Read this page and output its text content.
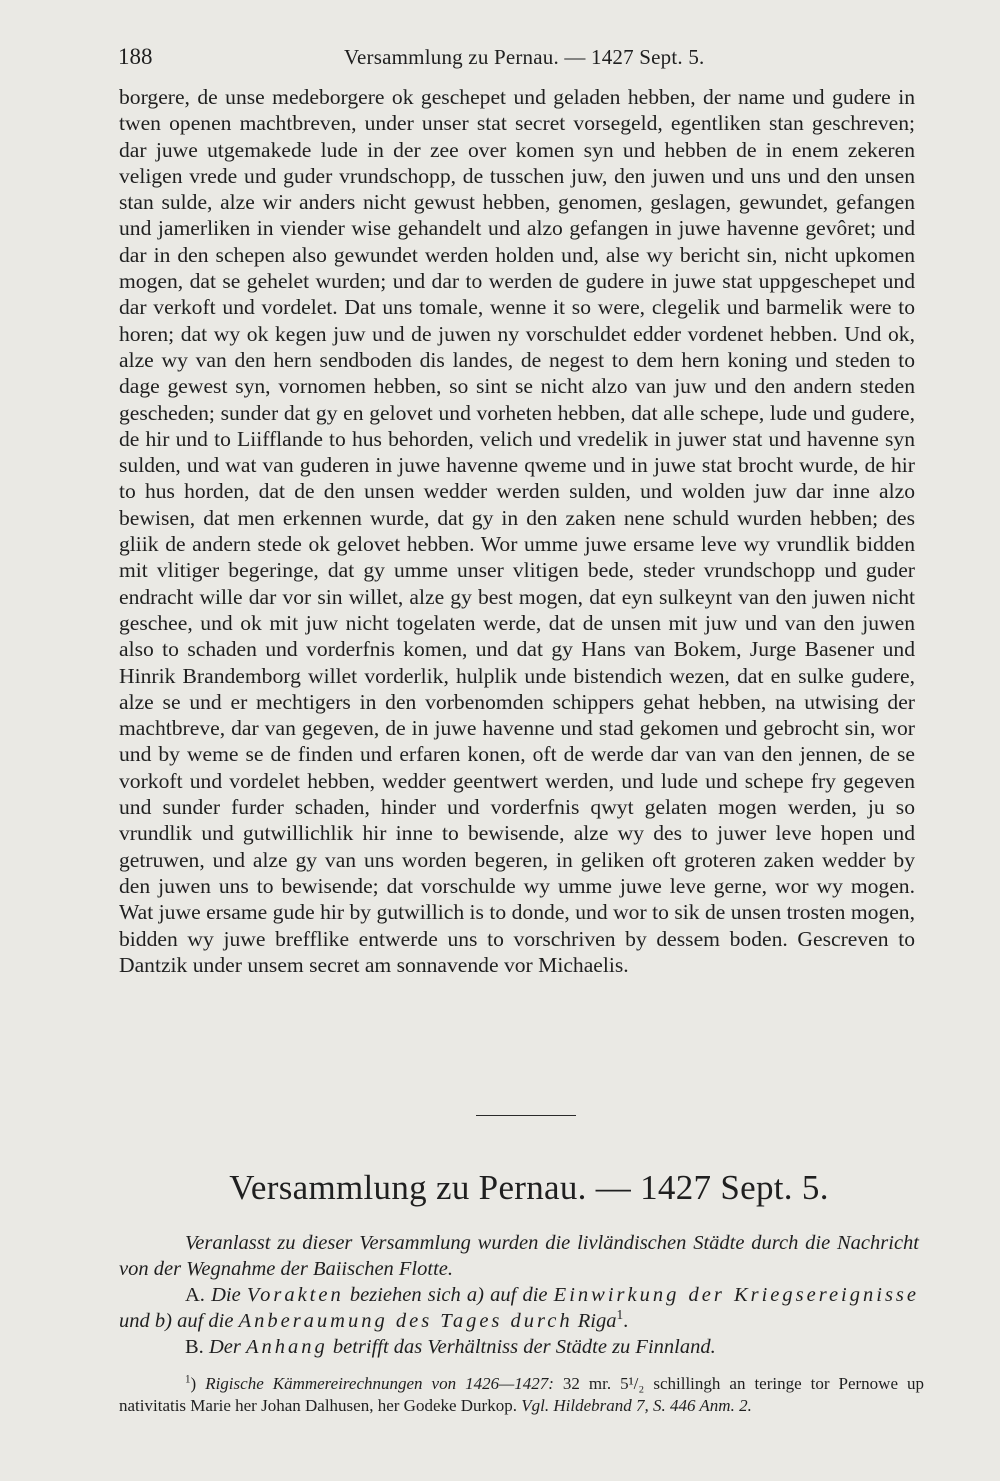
188	Versammlung zu Pernau. — 1427 Sept. 5.

borgere, de unse medeborgere ok geschepet und geladen hebben, der name und gudere in twen openen machtbreven, under unser stat secret vorsegeld, egentliken stan geschreven; dar juwe utgemakede lude in der zee over komen syn und hebben de in enem zekeren veligen vrede und guder vrundschopp, de tusschen juw, den juwen und uns und den unsen stan sulde, alze wir anders nicht gewust hebben, genomen, geslagen, gewundet, gefangen und jamerliken in viender wise gehandelt und alzo gefangen in juwe havenne gevôret; und dar in den schepen also gewundet werden holden und, alse wy bericht sin, nicht upkomen mogen, dat se gehelet wurden; und dar to werden de gudere in juwe stat uppgeschepet und dar verkoft und vordelet. Dat uns tomale, wenne it so were, clegelik und barmelik were to horen; dat wy ok kegen juw und de juwen ny vorschuldet edder vordenet hebben. Und ok, alze wy van den hern sendboden dis landes, de negest to dem hern koning und steden to dage gewest syn, vornomen hebben, so sint se nicht alzo van juw und den andern steden gescheden; sunder dat gy en gelovet und vorheten hebben, dat alle schepe, lude und gudere, de hir und to Liifflande to hus behorden, velich und vredelik in juwer stat und havenne syn sulden, und wat van guderen in juwe havenne qweme und in juwe stat brocht wurde, de hir to hus horden, dat de den unsen wedder werden sulden, und wolden juw dar inne alzo bewisen, dat men erkennen wurde, dat gy in den zaken nene schuld wurden hebben; des gliik de andern stede ok gelovet hebben. Wor umme juwe ersame leve wy vrundlik bidden mit vlitiger begeringe, dat gy umme unser vlitigen bede, steder vrundschopp und guder endracht wille dar vor sin willet, alze gy best mogen, dat eyn sulkeynt van den juwen nicht geschee, und ok mit juw nicht togelaten werde, dat de unsen mit juw und van den juwen also to schaden und vorderfnis komen, und dat gy Hans van Bokem, Jurge Basener und Hinrik Brandemborg willet vorderlik, hulplik unde bistendich wezen, dat en sulke gudere, alze se und er mechtigers in den vorbenomden schippers gehat hebben, na utwising der machtbreve, dar van gegeven, de in juwe havenne und stad gekomen und gebrocht sin, wor und by weme se de finden und erfaren konen, oft de werde dar van van den jennen, de se vorkoft und vordelet hebben, wedder geentwert werden, und lude und schepe fry gegeven und sunder furder schaden, hinder und vorderfnis qwyt gelaten mogen werden, ju so vrundlik und gutwillichlik hir inne to bewisende, alze wy des to juwer leve hopen und getruwen, und alze gy van uns worden begeren, in geliken oft groteren zaken wedder by den juwen uns to bewisende; dat vorschulde wy umme juwe leve gerne, wor wy mogen. Wat juwe ersame gude hir by gutwillich is to donde, und wor to sik de unsen trosten mogen, bidden wy juwe brefflike entwerde uns to vorschriven by dessem boden. Gescreven to Dantzik under unsem secret am sonnavende vor Michaelis.

Versammlung zu Pernau. — 1427 Sept. 5.

Veranlasst zu dieser Versammlung wurden die livländischen Städte durch die Nachricht von der Wegnahme der Baiischen Flotte.

A. Die Vorakten beziehen sich a) auf die Einwirkung der Kriegsereignisse und b) auf die Anberaumung des Tages durch Riga$^1$.

B. Der Anhang betrifft das Verhältniss der Städte zu Finnland.

$^1$) Rigische Kämmereirechnungen von 1426—1427: 32 mr. 5¹/₂ schillingh an teringe tor Pernowe up nativitatis Marie her Johan Dalhusen, her Godeke Durkop. Vgl. Hildebrand 7, S. 446 Anm. 2.
